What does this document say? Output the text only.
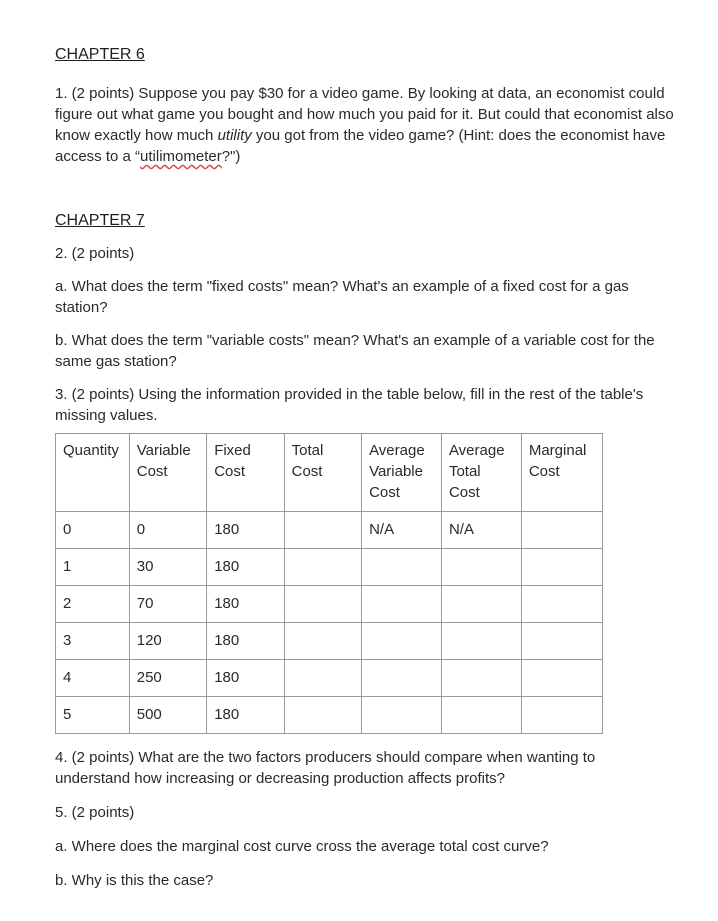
CHAPTER 6

1. (2 points) Suppose you pay $30 for a video game. By looking at data, an economist could figure out what game you bought and how much you paid for it. But could that economist also know exactly how much utility you got from the video game? (Hint: does the economist have access to a “utilimometer?")

CHAPTER 7

2. (2 points)

a. What does the term "fixed costs" mean? What's an example of a fixed cost for a gas station?

b. What does the term "variable costs" mean? What's an example of a variable cost for the same gas station?

3. (2 points) Using the information provided in the table below, fill in the rest of the table's missing values.

Quantity	Variable Cost	Fixed Cost	Total Cost	Average Variable Cost	Average Total Cost	Marginal Cost
0	0	180		N/A	N/A	
1	30	180				
2	70	180				
3	120	180				
4	250	180				
5	500	180				

4. (2 points) What are the two factors producers should compare when wanting to understand how increasing or decreasing production affects profits?

5. (2 points)

a. Where does the marginal cost curve cross the average total cost curve?

b. Why is this the case?
